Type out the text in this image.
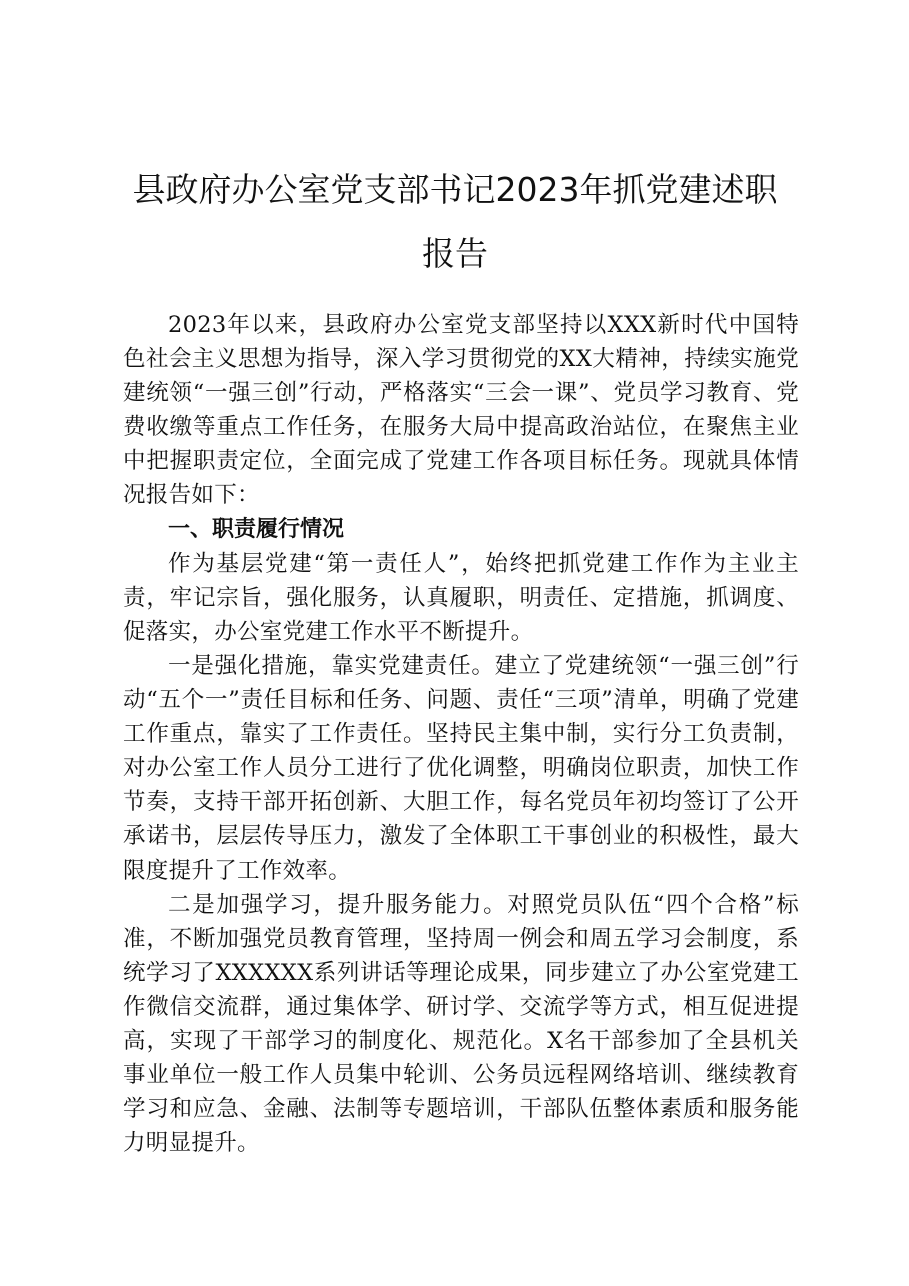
县政府办公室党支部书记2023年抓党建述职
报告

2023年以来，县政府办公室党支部坚持以XXX新时代中国特色社会主义思想为指导，深入学习贯彻党的XX大精神，持续实施党建统领“一强三创”行动，严格落实“三会一课”、党员学习教育、党费收缴等重点工作任务，在服务大局中提高政治站位，在聚焦主业中把握职责定位，全面完成了党建工作各项目标任务。现就具体情况报告如下：

一、职责履行情况

作为基层党建“第一责任人”，始终把抓党建工作作为主业主责，牢记宗旨，强化服务，认真履职，明责任、定措施，抓调度、促落实，办公室党建工作水平不断提升。

一是强化措施，靠实党建责任。建立了党建统领“一强三创”行动“五个一”责任目标和任务、问题、责任“三项”清单，明确了党建工作重点，靠实了工作责任。坚持民主集中制，实行分工负责制，对办公室工作人员分工进行了优化调整，明确岗位职责，加快工作节奏，支持干部开拓创新、大胆工作，每名党员年初均签订了公开承诺书，层层传导压力，激发了全体职工干事创业的积极性，最大限度提升了工作效率。

二是加强学习，提升服务能力。对照党员队伍“四个合格”标准，不断加强党员教育管理，坚持周一例会和周五学习会制度，系统学习了XXXXXX系列讲话等理论成果，同步建立了办公室党建工作微信交流群，通过集体学、研讨学、交流学等方式，相互促进提高，实现了干部学习的制度化、规范化。X名干部参加了全县机关事业单位一般工作人员集中轮训、公务员远程网络培训、继续教育学习和应急、金融、法制等专题培训，干部队伍整体素质和服务能力明显提升。
